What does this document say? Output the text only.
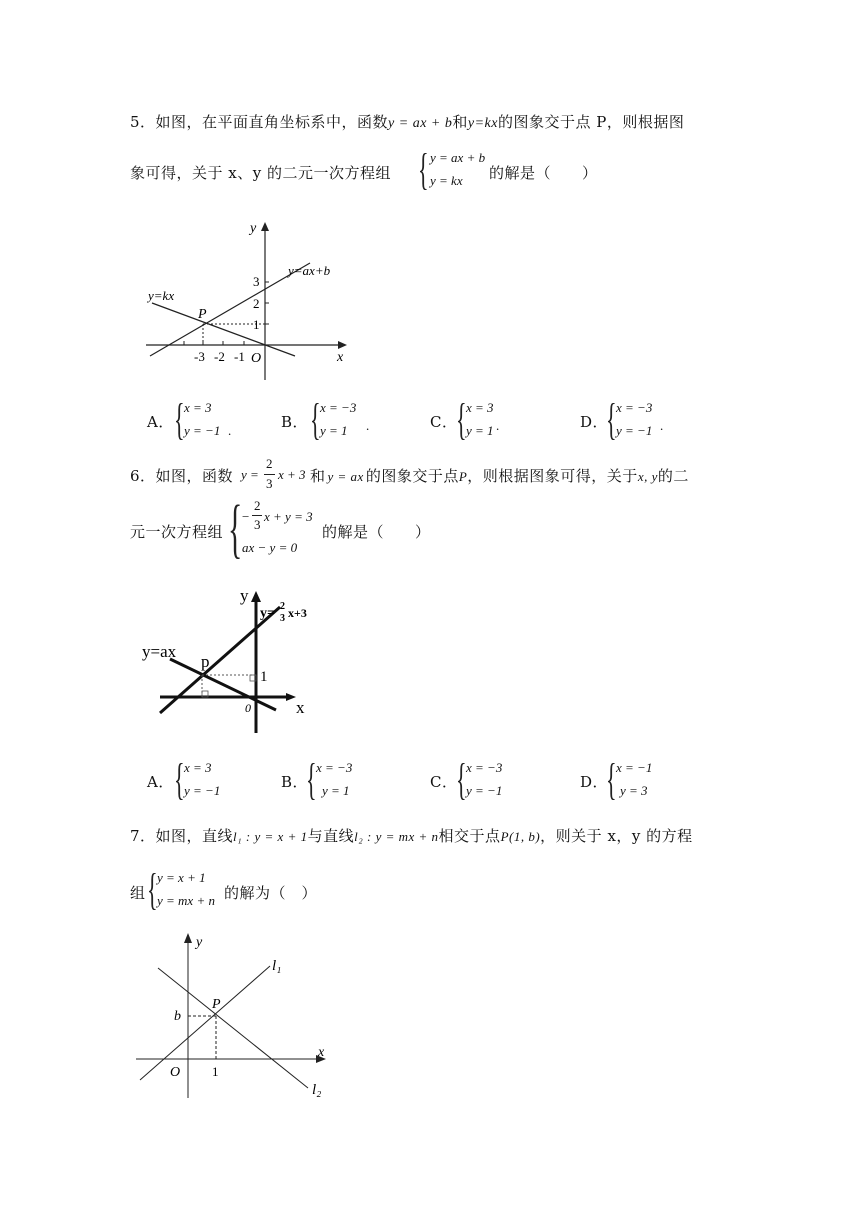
5．如图，在平面直角坐标系中，函数y = ax + b和y=kx的图象交于点 P，则根据图
象可得，关于 x、y 的二元一次方程组 { y = ax + b
y = kx 的解是（　　）
y
x
3
2
1
-3 -2 -1 O
P
y=kx
y=ax+b
A． { x = 3
y = −1 .	B． { x = −3
y = 1 .	C．
{ x = 3
y = 1 .	D．
{ x = −3
y = −1 .
6．如图，函数 y =
2
3
x + 3 和 y = ax 的图象交于点P，则根据图象可得，关于x, y的二
元一次方程组 { −
2
3
x + y = 3
ax − y = 0
的解是（　　）
y
x
y=ax
p
1
0
y= 2
3 x+3
A． { x = 3
y = −1	B．
{ x = −3
y = 1	C．
{ x = −3
y = −1	D．
{ x = −1
y = 3
7．如图，直线l₁ : y = x + 1与直线l₂ : y = mx + n相交于点P(1, b)，则关于 x，y 的方程
组 { y = x + 1
y = mx + n 的解为（　）
y
x
b
P
O 1
l₁
l₂
